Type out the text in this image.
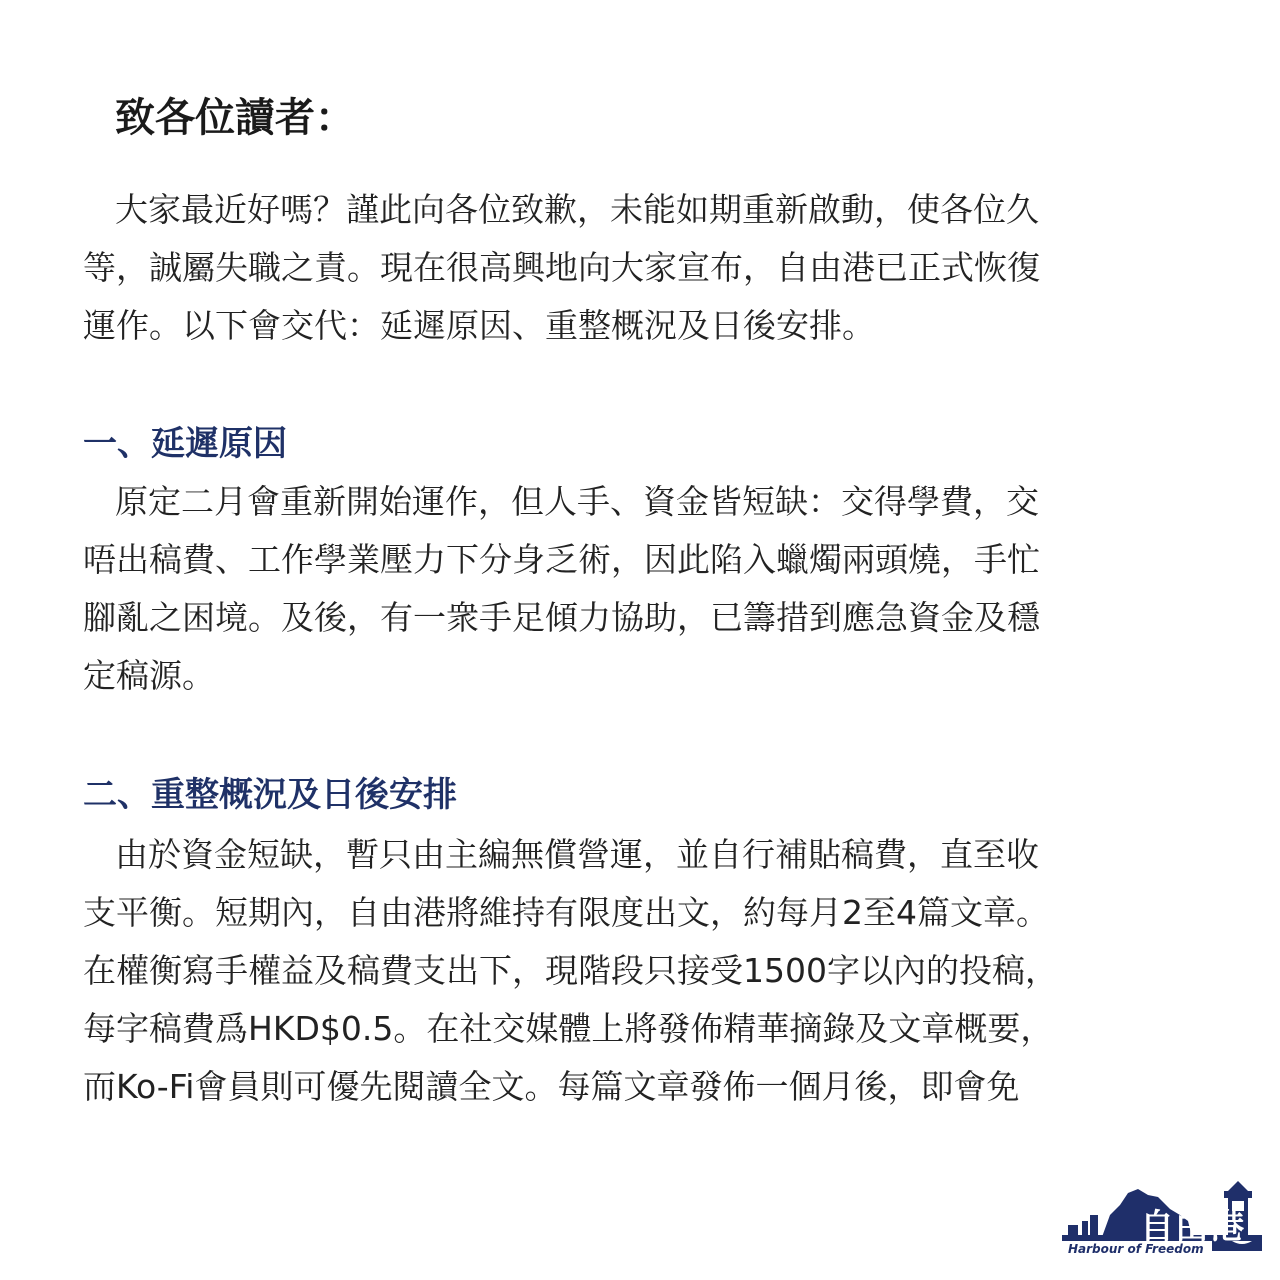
致各位讀者：

大家最近好嗎？謹此向各位致歉，未能如期重新啟動，使各位久
等，誠屬失職之責。現在很高興地向大家宣布，自由港已正式恢復
運作。以下會交代：延遲原因、重整概況及日後安排。

一、延遲原因

原定二月會重新開始運作，但人手、資金皆短缺：交得學費，交
唔出稿費、工作學業壓力下分身乏術，因此陷入蠟燭兩頭燒，手忙
腳亂之困境。及後，有一衆手足傾力協助，已籌措到應急資金及穩
定稿源。

二、重整概況及日後安排

由於資金短缺，暫只由主編無償營運，並自行補貼稿費，直至收
支平衡。短期內，自由港將維持有限度出文，約每月2至4篇文章。
在權衡寫手權益及稿費支出下，現階段只接受1500字以內的投稿，
每字稿費爲HKD$0.5。在社交媒體上將發佈精華摘錄及文章概要，
而Ko-Fi會員則可優先閱讀全文。每篇文章發佈一個月後，即會免

自由港
Harbour of Freedom
